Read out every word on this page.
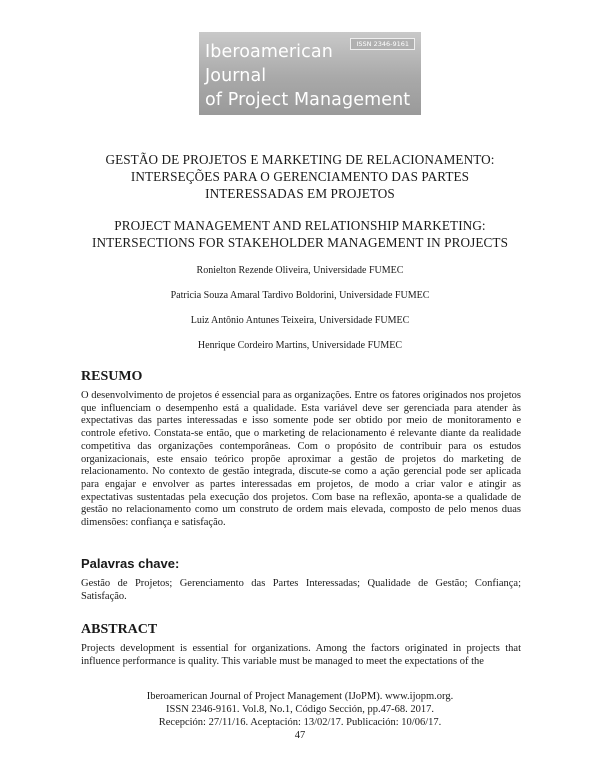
ISSN 2346-9161
Iberoamerican
Journal
of Project Management
GESTÃO DE PROJETOS E MARKETING DE RELACIONAMENTO: INTERSEÇÕES PARA O GERENCIAMENTO DAS PARTES INTERESSADAS EM PROJETOS
PROJECT MANAGEMENT AND RELATIONSHIP MARKETING: INTERSECTIONS FOR STAKEHOLDER MANAGEMENT IN PROJECTS
Ronielton Rezende Oliveira, Universidade FUMEC
Patricia Souza Amaral Tardivo Boldorini, Universidade FUMEC
Luiz Antônio Antunes Teixeira, Universidade FUMEC
Henrique Cordeiro Martins, Universidade FUMEC
RESUMO
O desenvolvimento de projetos é essencial para as organizações. Entre os fatores originados nos projetos que influenciam o desempenho está a qualidade. Esta variável deve ser gerenciada para atender às expectativas das partes interessadas e isso somente pode ser obtido por meio de monitoramento e controle efetivo. Constata-se então, que o marketing de relacionamento é relevante diante da realidade competitiva das organizações contemporâneas. Com o propósito de contribuir para os estudos organizacionais, este ensaio teórico propõe aproximar a gestão de projetos do marketing de relacionamento. No contexto de gestão integrada, discute-se como a ação gerencial pode ser aplicada para engajar e envolver as partes interessadas em projetos, de modo a criar valor e atingir as expectativas sustentadas pela execução dos projetos. Com base na reflexão, aponta-se a qualidade de gestão no relacionamento como um construto de ordem mais elevada, composto de pelo menos duas dimensões: confiança e satisfação.
Palavras chave:
Gestão de Projetos; Gerenciamento das Partes Interessadas; Qualidade de Gestão; Confiança; Satisfação.
ABSTRACT
Projects development is essential for organizations. Among the factors originated in projects that influence performance is quality. This variable must be managed to meet the expectations of the
Iberoamerican Journal of Project Management (IJoPM). www.ijopm.org.
ISSN 2346-9161. Vol.8, No.1, Código Sección, pp.47-68. 2017.
Recepción: 27/11/16. Aceptación: 13/02/17. Publicación: 10/06/17.
47
